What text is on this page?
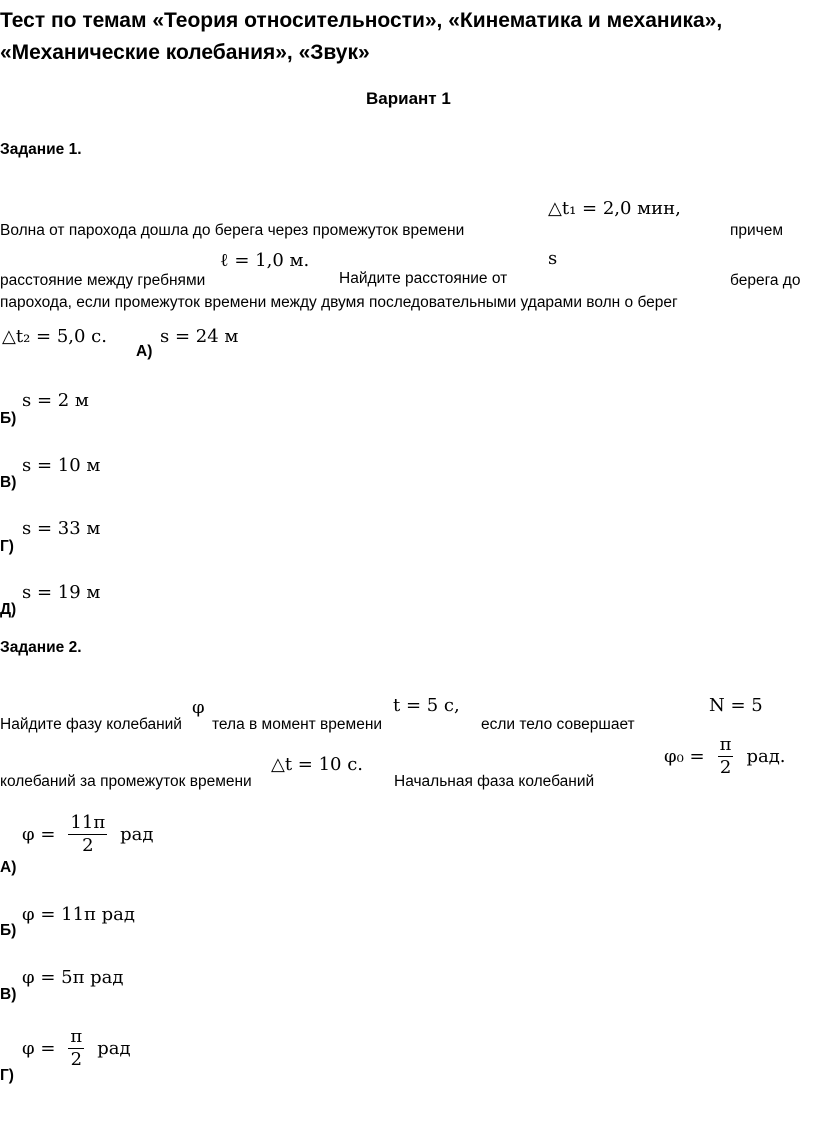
Тест по темам «Теория относительности», «Кинематика и механика»,
«Механические колебания», «Звук»
Вариант 1
Задание 1.
Волна от парохода дошла до берега через промежуток времени
△t₁ = 2,0 мин,
причем
расстояние между гребнями
ℓ = 1,0 м.
Найдите расстояние от
s
берега до
парохода, если промежуток времени между двумя последовательными ударами волн о берег
△t₂ = 5,0 с.
А)
s = 24 м
s = 2 м
Б)
s = 10 м
В)
s = 33 м
Г)
s = 19 м
Д)
Задание 2.
Найдите фазу колебаний
φ
тела в момент времени
t = 5 с,
если тело совершает
N = 5
колебаний за промежуток времени
△t = 10 с.
Начальная фаза колебаний
$\varphi_0 = \frac{\pi}{2}$ рад.
$\varphi = \frac{11\pi}{2}$ рад
А)
φ = 11π рад
Б)
φ = 5π рад
В)
$\varphi = \frac{\pi}{2}$ рад
Г)
